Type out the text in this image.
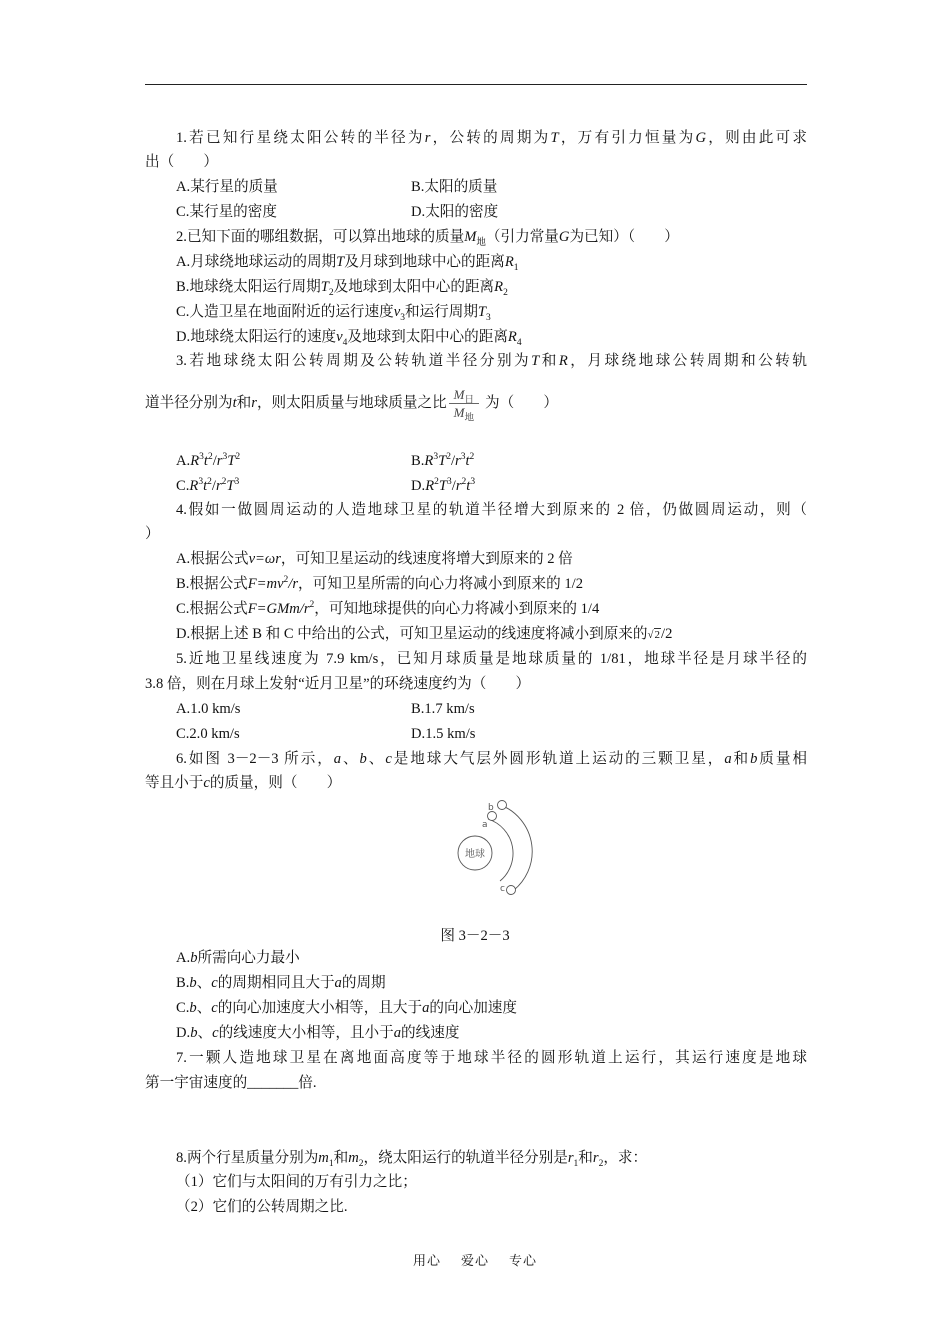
1.若已知行星绕太阳公转的半径为r，公转的周期为T，万有引力恒量为G，则由此可求
出（　　）
A.某行星的质量	B.太阳的质量
C.某行星的密度	D.太阳的密度
2.已知下面的哪组数据，可以算出地球的质量$M_地$（引力常量G为已知）（　　）
A.月球绕地球运动的周期T及月球到地球中心的距离$R_1$
B.地球绕太阳运行周期$T_2$及地球到太阳中心的距离$R_2$
C.人造卫星在地面附近的运行速度$v_3$和运行周期$T_3$
D.地球绕太阳运行的速度$v_4$及地球到太阳中心的距离$R_4$
3.若地球绕太阳公转周期及公转轨道半径分别为T和R，月球绕地球公转周期和公转轨
道半径分别为t和r，则太阳质量与地球质量之比 $\frac{M_日}{M_地}$ 为（　　）
$A.R^3t^2/r^3T^2$	$B.R^3T^2/r^3t^2$
$C.R^3t^2/r^2T^3$	$D.R^2T^3/r^2t^3$
4.假如一做圆周运动的人造地球卫星的轨道半径增大到原来的 2 倍，仍做圆周运动，则（
）
A.根据公式v=ωr，可知卫星运动的线速度将增大到原来的 2 倍
B.根据公式$F=mv^2/r$，可知卫星所需的向心力将减小到原来的 1/2
C.根据公式$F=GMm/r^2$，可知地球提供的向心力将减小到原来的 1/4
D.根据上述 B 和 C 中给出的公式，可知卫星运动的线速度将减小到原来的√2/2
5.近地卫星线速度为 7.9 km/s，已知月球质量是地球质量的 1/81，地球半径是月球半径的
3.8 倍，则在月球上发射“近月卫星”的环绕速度约为（　　）
A.1.0 km/s	B.1.7 km/s
C.2.0 km/s	D.1.5 km/s
6.如图 3－2－3 所示，a、b、c是地球大气层外圆形轨道上运动的三颗卫星，a和b质量相
等且小于c的质量，则（　　）
地球
a
b
c
图 3－2－3
A.b所需向心力最小
B.b、c的周期相同且大于a的周期
C.b、c的向心加速度大小相等，且大于a的向心加速度
D.b、c的线速度大小相等，且小于a的线速度
7.一颗人造地球卫星在离地面高度等于地球半径的圆形轨道上运行，其运行速度是地球
第一宇宙速度的_______倍.
8.两个行星质量分别为$m_1$和$m_2$，绕太阳运行的轨道半径分别是$r_1$和$r_2$，求：
（1）它们与太阳间的万有引力之比；
（2）它们的公转周期之比.
用心 爱心 专心
